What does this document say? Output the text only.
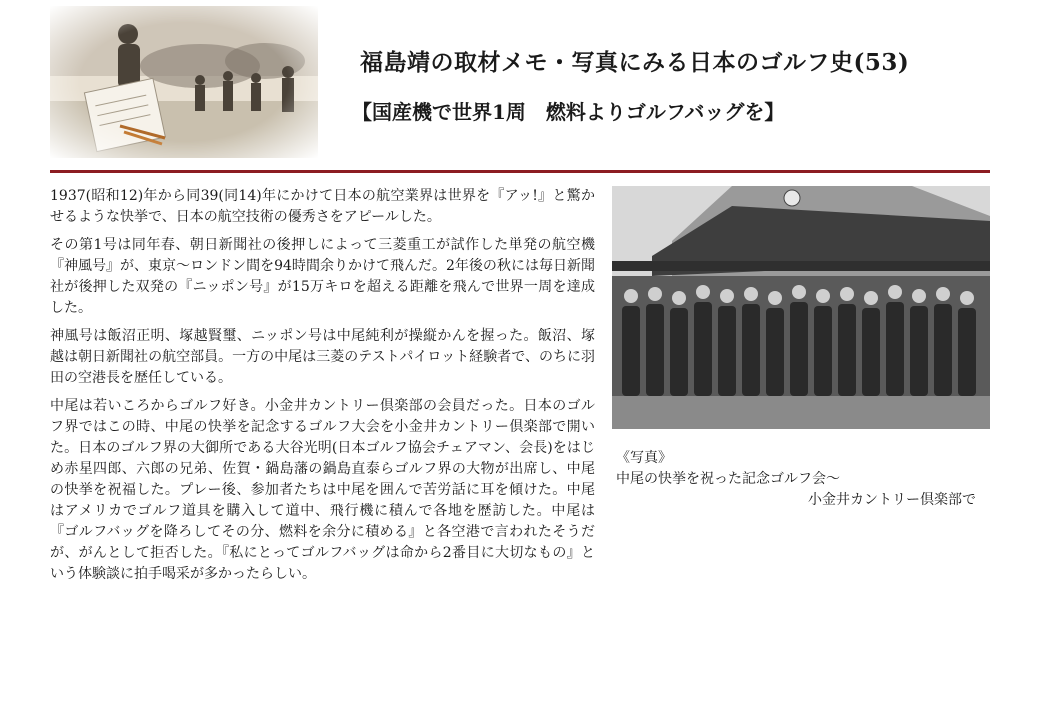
福島靖の取材メモ・写真にみる日本のゴルフ史(53)
【国産機で世界1周　燃料よりゴルフバッグを】

1937(昭和12)年から同39(同14)年にかけて日本の航空業界は世界を『アッ!』と驚かせるような快挙で、日本の航空技術の優秀さをアピールした。

その第1号は同年春、朝日新聞社の後押しによって三菱重工が試作した単発の航空機『神風号』が、東京～ロンドン間を94時間余りかけて飛んだ。2年後の秋には毎日新聞社が後押した双発の『ニッポン号』が15万キロを超える距離を飛んで世界一周を達成した。

神風号は飯沼正明、塚越賢璽、ニッポン号は中尾純利が操縦かんを握った。飯沼、塚越は朝日新聞社の航空部員。一方の中尾は三菱のテストパイロット経験者で、のちに羽田の空港長を歴任している。

中尾は若いころからゴルフ好き。小金井カントリー倶楽部の会員だった。日本のゴルフ界ではこの時、中尾の快挙を記念するゴルフ大会を小金井カントリー倶楽部で開いた。日本のゴルフ界の大御所である大谷光明(日本ゴルフ協会チェアマン、会長)をはじめ赤星四郎、六郎の兄弟、佐賀・鍋島藩の鍋島直泰らゴルフ界の大物が出席し、中尾の快挙を祝福した。プレー後、参加者たちは中尾を囲んで苦労話に耳を傾けた。中尾はアメリカでゴルフ道具を購入して道中、飛行機に積んで各地を歴訪した。中尾は『ゴルフバッグを降ろしてその分、燃料を余分に積める』と各空港で言われたそうだが、がんとして拒否した。『私にとってゴルフバッグは命から2番目に大切なもの』という体験談に拍手喝采が多かったらしい。

《写真》
中尾の快挙を祝った記念ゴルフ会～
小金井カントリー倶楽部で
